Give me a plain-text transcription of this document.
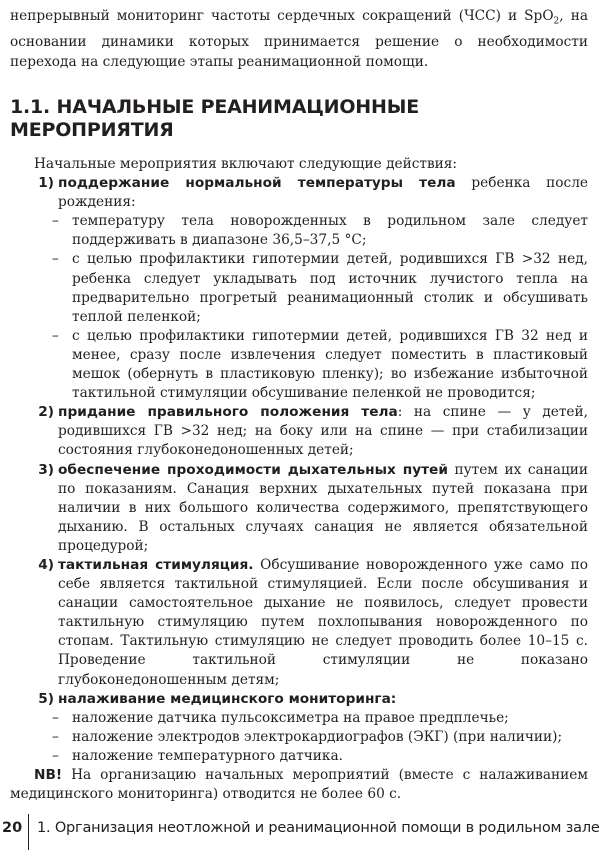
непрерывный мониторинг частоты сердечных сокращений (ЧСС) и SpO$_2$, на основании динамики которых принимается решение о необходимости перехода на следующие этапы реанимационной помощи.

1.1. НАЧАЛЬНЫЕ РЕАНИМАЦИОННЫЕ МЕРОПРИЯТИЯ
Начальные мероприятия включают следующие действия:
1) поддержание нормальной температуры тела ребенка после рождения:
– температуру тела новорожденных в родильном зале следует поддерживать в диапазоне 36,5–37,5 °С;
– с целью профилактики гипотермии детей, родившихся ГВ >32 нед, ребенка следует укладывать под источник лучистого тепла на предварительно прогретый реанимационный столик и обсушивать теплой пеленкой;
– с целью профилактики гипотермии детей, родившихся ГВ 32 нед и менее, сразу после извлечения следует поместить в пластиковый мешок (обернуть в пластиковую пленку); во избежание избыточной тактильной стимуляции обсушивание пеленкой не проводится;
2) придание правильного положения тела: на спине — у детей, родившихся ГВ >32 нед; на боку или на спине — при стабилизации состояния глубоконедоношенных детей;
3) обеспечение проходимости дыхательных путей путем их санации по показаниям. Санация верхних дыхательных путей показана при наличии в них большого количества содержимого, препятствующего дыханию. В остальных случаях санация не является обязательной процедурой;
4) тактильная стимуляция. Обсушивание новорожденного уже само по себе является тактильной стимуляцией. Если после обсушивания и санации самостоятельное дыхание не появилось, следует провести тактильную стимуляцию путем похлопывания новорожденного по стопам. Тактильную стимуляцию не следует проводить более 10–15 с. Проведение тактильной стимуляции не показано глубоконедоношенным детям;
5) налаживание медицинского мониторинга:
– наложение датчика пульсоксиметра на правое предплечье;
– наложение электродов электрокардиографов (ЭКГ) (при наличии);
– наложение температурного датчика.
NB! На организацию начальных мероприятий (вместе с налаживанием медицинского мониторинга) отводится не более 60 с.
20 1. Организация неотложной и реанимационной помощи в родильном зале
